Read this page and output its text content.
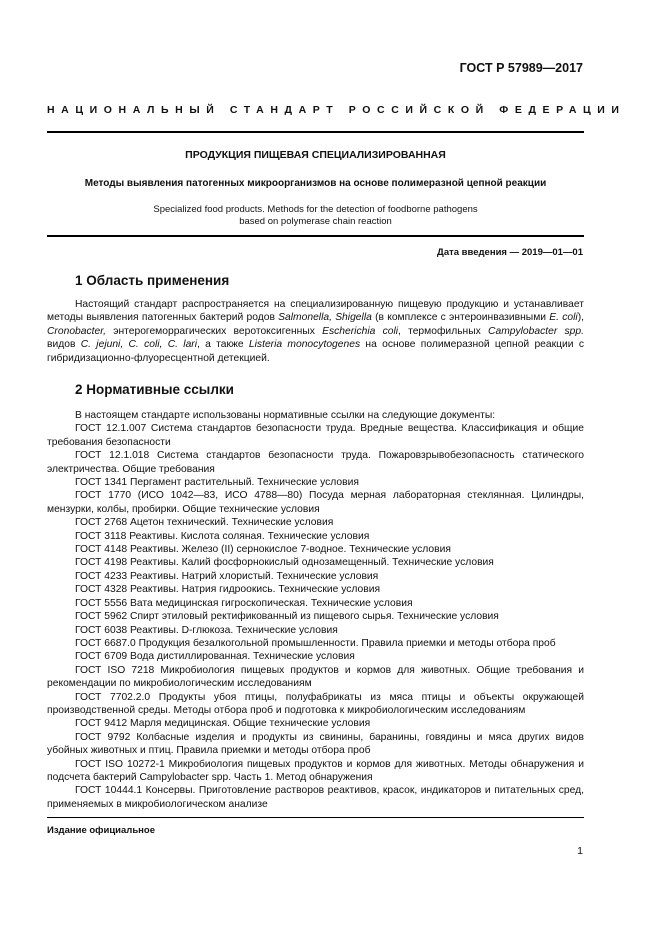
ГОСТ Р 57989—2017
НАЦИОНАЛЬНЫЙ СТАНДАРТ РОССИЙСКОЙ ФЕДЕРАЦИИ
ПРОДУКЦИЯ ПИЩЕВАЯ СПЕЦИАЛИЗИРОВАННАЯ
Методы выявления патогенных микроорганизмов на основе полимеразной цепной реакции
Specialized food products. Methods for the detection of foodborne pathogens
based on polymerase chain reaction
Дата введения — 2019—01—01
1 Область применения

Настоящий стандарт распространяется на специализированную пищевую продукцию и устанавливает методы выявления патогенных бактерий родов Salmonella, Shigella (в комплексе с энтероинвазивными E. coli), Cronobacter, энтерогеморрагических веротоксигенных Escherichia coli, термофильных Campylobacter spp. видов C. jejuni, C. coli, C. lari, а также Listeria monocytogenes на основе полимеразной цепной реакции с гибридизационно-флуоресцентной детекцией.

2 Нормативные ссылки

В настоящем стандарте использованы нормативные ссылки на следующие документы:

ГОСТ 12.1.007 Система стандартов безопасности труда. Вредные вещества. Классификация и общие требования безопасности

ГОСТ 12.1.018 Система стандартов безопасности труда. Пожаровзрывобезопасность статического электричества. Общие требования

ГОСТ 1341 Пергамент растительный. Технические условия

ГОСТ 1770 (ИСО 1042—83, ИСО 4788—80) Посуда мерная лабораторная стеклянная. Цилиндры, мензурки, колбы, пробирки. Общие технические условия

ГОСТ 2768 Ацетон технический. Технические условия

ГОСТ 3118 Реактивы. Кислота соляная. Технические условия

ГОСТ 4148 Реактивы. Железо (II) сернокислое 7-водное. Технические условия

ГОСТ 4198 Реактивы. Калий фосфорнокислый однозамещенный. Технические условия

ГОСТ 4233 Реактивы. Натрий хлористый. Технические условия

ГОСТ 4328 Реактивы. Натрия гидроокись. Технические условия

ГОСТ 5556 Вата медицинская гигроскопическая. Технические условия

ГОСТ 5962 Спирт этиловый ректификованный из пищевого сырья. Технические условия

ГОСТ 6038 Реактивы. D-глюкоза. Технические условия

ГОСТ 6687.0 Продукция безалкогольной промышленности. Правила приемки и методы отбора проб

ГОСТ 6709 Вода дистиллированная. Технические условия

ГОСТ ISO 7218 Микробиология пищевых продуктов и кормов для животных. Общие требования и рекомендации по микробиологическим исследованиям

ГОСТ 7702.2.0 Продукты убоя птицы, полуфабрикаты из мяса птицы и объекты окружающей производственной среды. Методы отбора проб и подготовка к микробиологическим исследованиям

ГОСТ 9412 Марля медицинская. Общие технические условия

ГОСТ 9792 Колбасные изделия и продукты из свинины, баранины, говядины и мяса других видов убойных животных и птиц. Правила приемки и методы отбора проб

ГОСТ ISO 10272-1 Микробиология пищевых продуктов и кормов для животных. Методы обнаружения и подсчета бактерий Campylobacter spp. Часть 1. Метод обнаружения

ГОСТ 10444.1 Консервы. Приготовление растворов реактивов, красок, индикаторов и питательных сред, применяемых в микробиологическом анализе

Издание официальное
1
